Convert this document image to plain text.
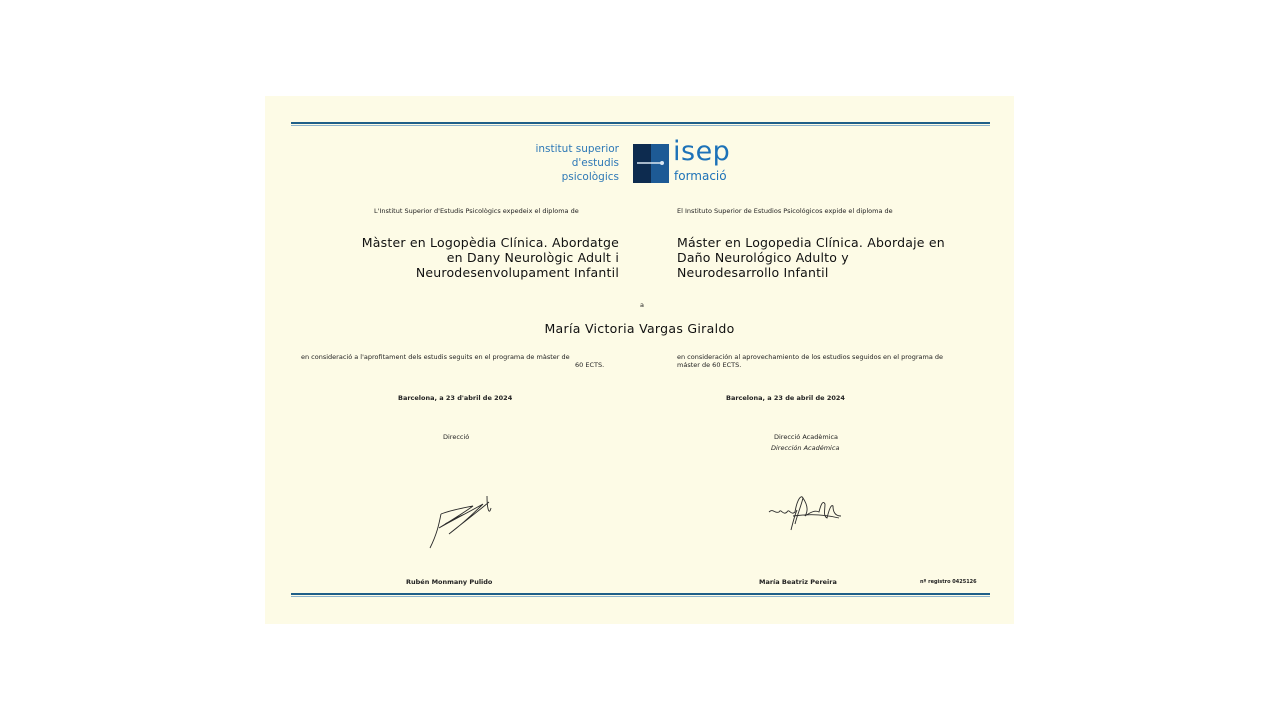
institut superior
d'estudis
psicològics
isep
formació
L'Institut Superior d'Estudis Psicològics expedeix el diploma de
Màster en Logopèdia Clínica. Abordatge
en Dany Neurològic Adult i
Neurodesenvolupament Infantil
El Instituto Superior de Estudios Psicológicos expide el diploma de
Máster en Logopedia Clínica. Abordaje en
Daño Neurológico Adulto y
Neurodesarrollo Infantil
a
María Victoria Vargas Giraldo
en consideració a l'aprofitament dels estudis seguits en el programa de màster de
60 ECTS.
en consideración al aprovechamiento de los estudios seguidos en el programa de
máster de 60 ECTS.
Barcelona, a 23 d'abril de 2024	Barcelona, a 23 de abril de 2024
Direcció	Direcció Acadèmica
Dirección Académica
Rubén Monmany Pulido	María Beatriz Pereira	nº registro 0425126
